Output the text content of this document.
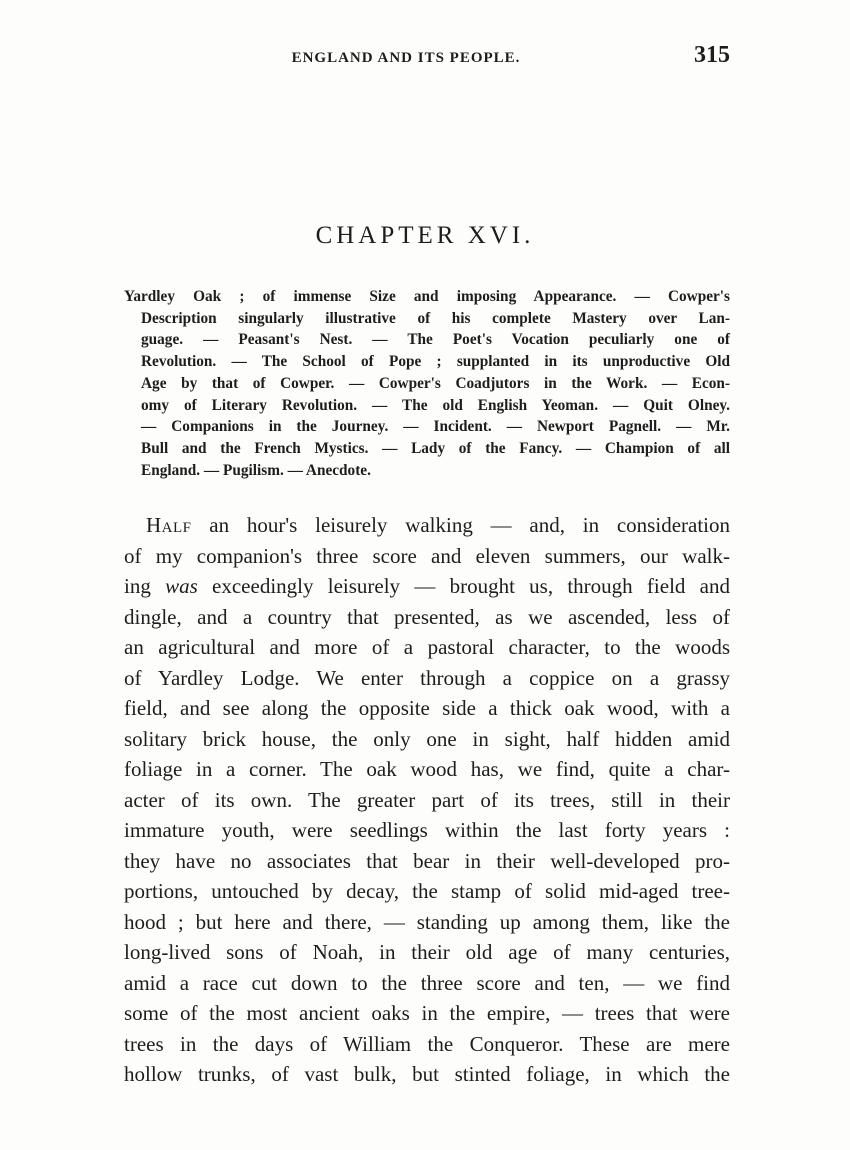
ENGLAND AND ITS PEOPLE.	315
CHAPTER XVI.
Yardley Oak ; of immense Size and imposing Appearance. — Cowper's
Description singularly illustrative of his complete Mastery over Lan-
guage. — Peasant's Nest. — The Poet's Vocation peculiarly one of
Revolution. — The School of Pope ; supplanted in its unproductive Old
Age by that of Cowper. — Cowper's Coadjutors in the Work. — Econ-
omy of Literary Revolution. — The old English Yeoman. — Quit Olney.
— Companions in the Journey. — Incident. — Newport Pagnell. — Mr.
Bull and the French Mystics. — Lady of the Fancy. — Champion of all
England. — Pugilism. — Anecdote.
Half an hour's leisurely walking — and, in consideration
of my companion's three score and eleven summers, our walk-
ing was exceedingly leisurely — brought us, through field and
dingle, and a country that presented, as we ascended, less of
an agricultural and more of a pastoral character, to the woods
of Yardley Lodge. We enter through a coppice on a grassy
field, and see along the opposite side a thick oak wood, with a
solitary brick house, the only one in sight, half hidden amid
foliage in a corner. The oak wood has, we find, quite a char-
acter of its own. The greater part of its trees, still in their
immature youth, were seedlings within the last forty years :
they have no associates that bear in their well-developed pro-
portions, untouched by decay, the stamp of solid mid-aged tree-
hood ; but here and there, — standing up among them, like the
long-lived sons of Noah, in their old age of many centuries,
amid a race cut down to the three score and ten, — we find
some of the most ancient oaks in the empire, — trees that were
trees in the days of William the Conqueror. These are mere
hollow trunks, of vast bulk, but stinted foliage, in which the
